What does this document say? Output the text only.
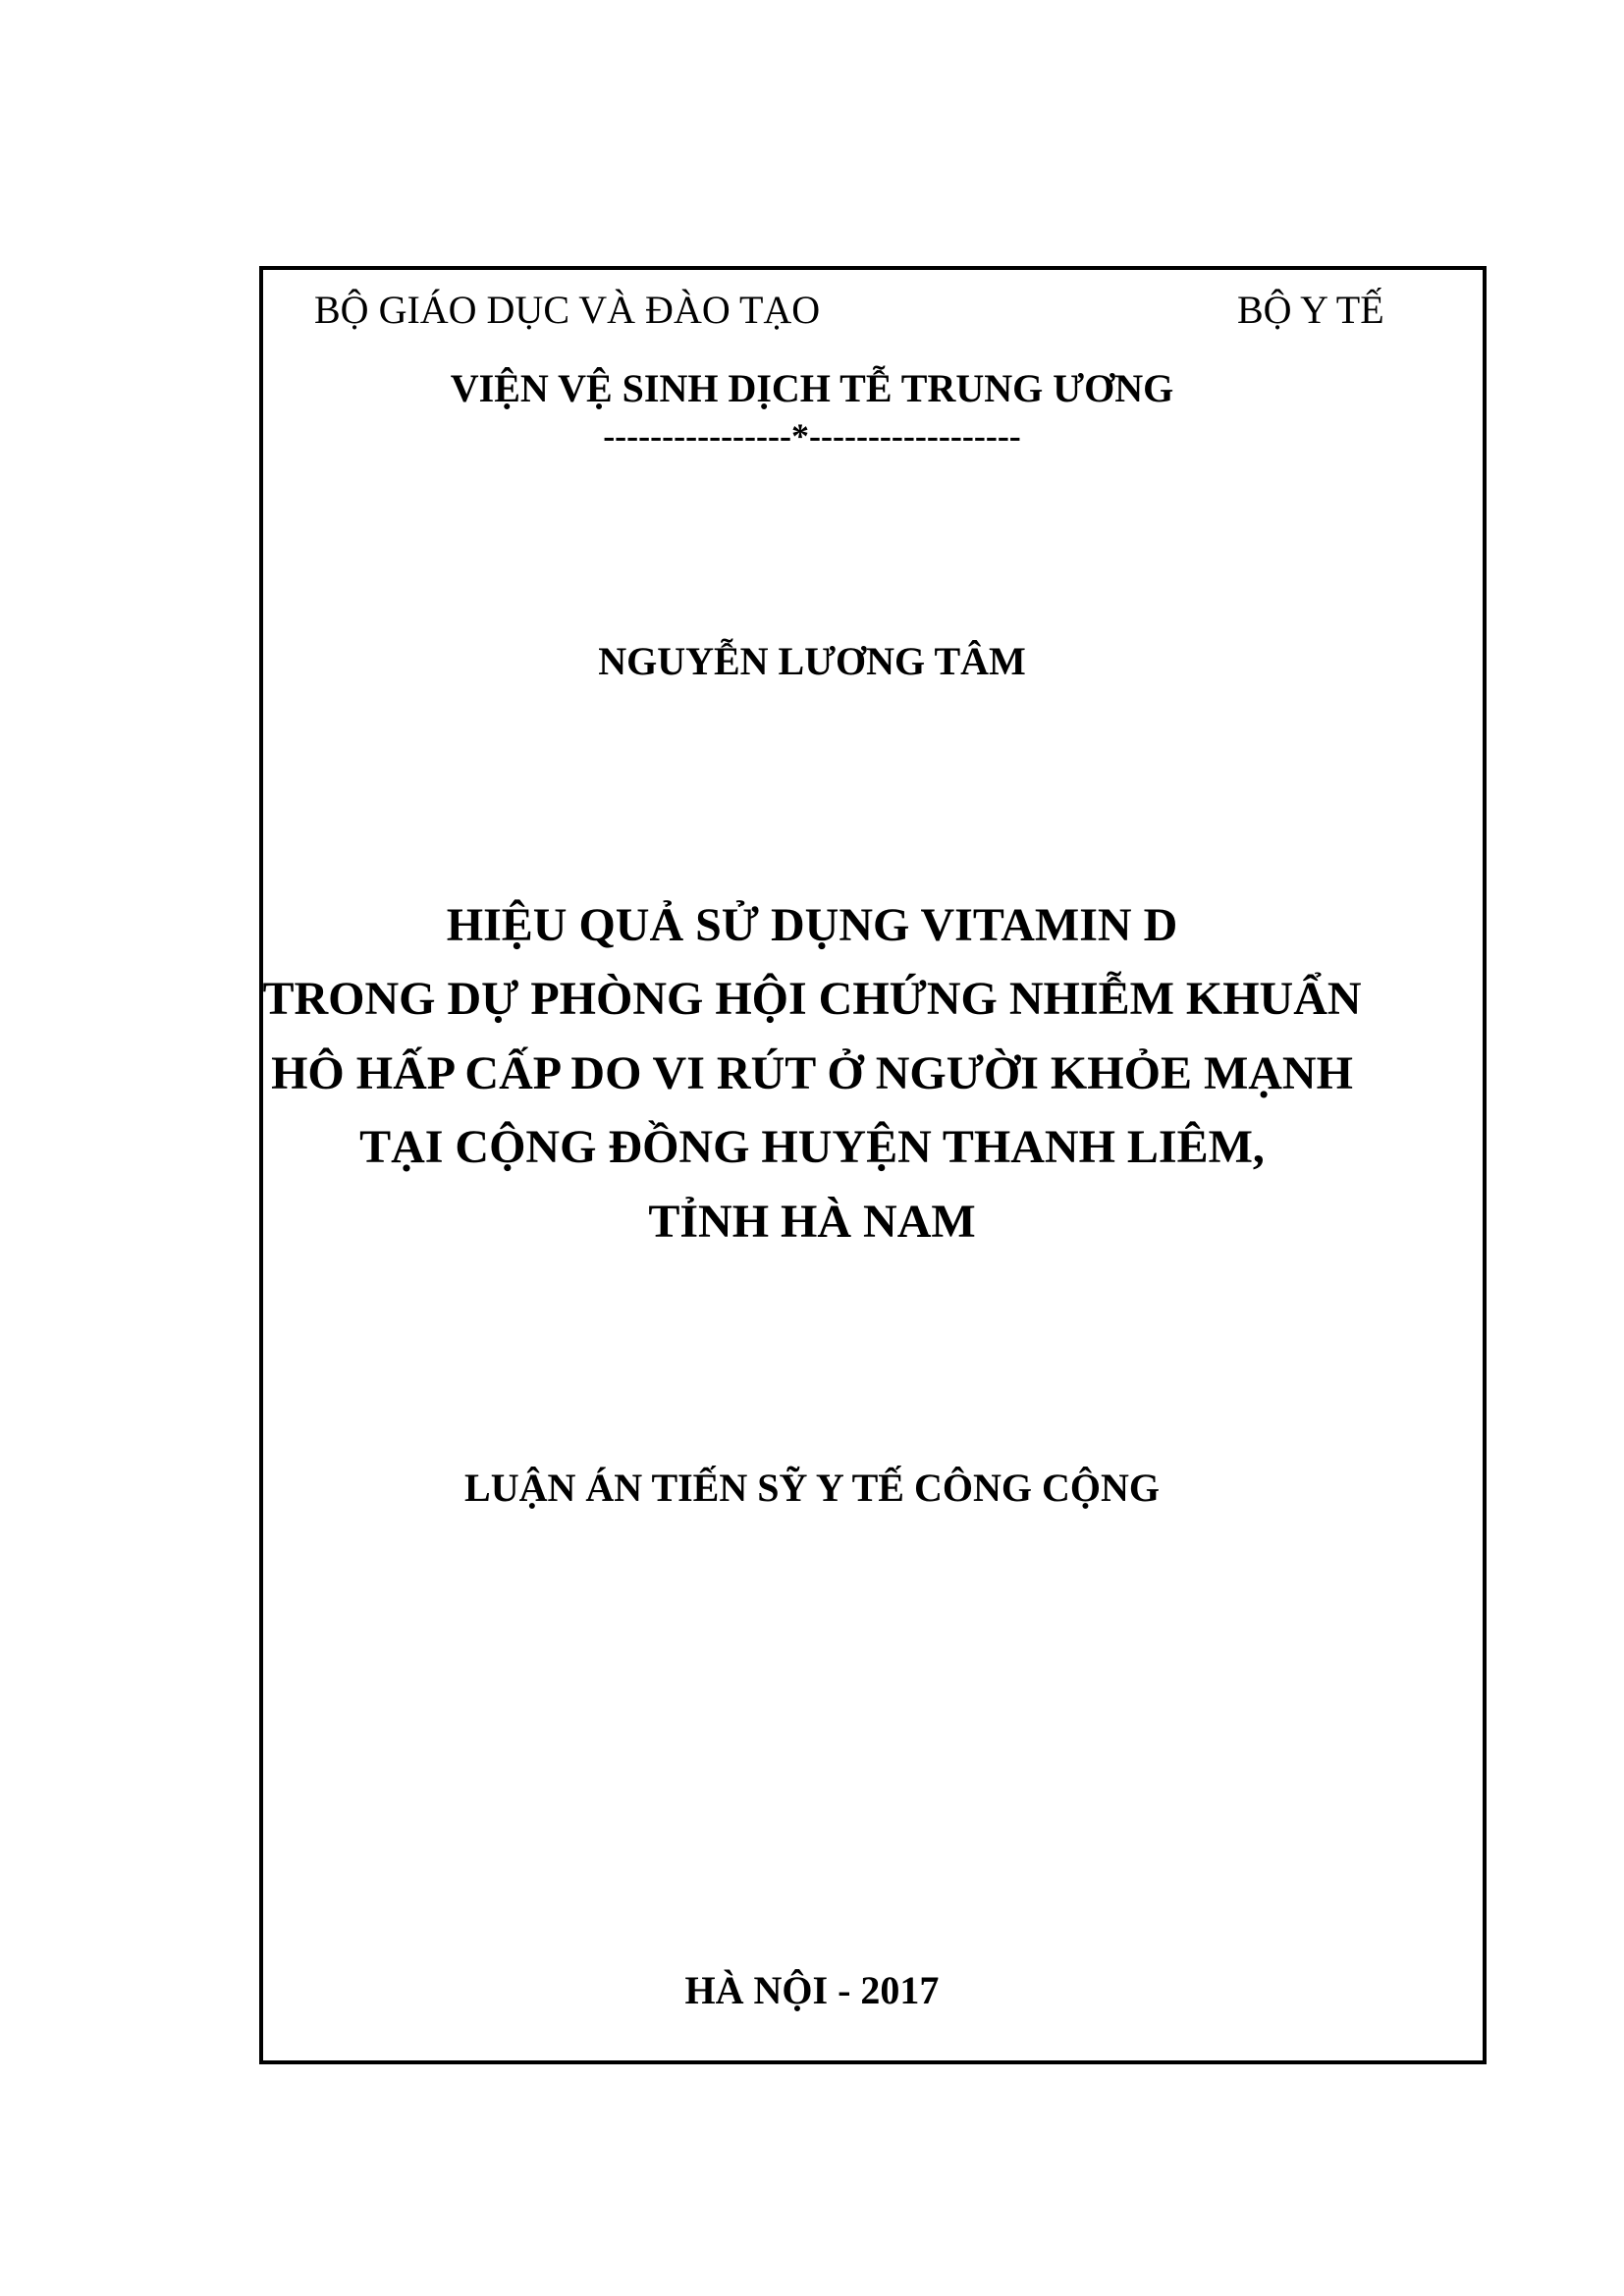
BỘ GIÁO DỤC VÀ ĐÀO TẠO	BỘ Y TẾ
VIỆN VỆ SINH DỊCH TỄ TRUNG ƯƠNG
----------------*------------------
NGUYỄN LƯƠNG TÂM
HIỆU QUẢ SỬ DỤNG VITAMIN D
TRONG DỰ PHÒNG HỘI CHỨNG NHIỄM KHUẨN
HÔ HẤP CẤP DO VI RÚT Ở NGƯỜI KHỎE MẠNH
TẠI CỘNG ĐỒNG HUYỆN THANH LIÊM,
TỈNH HÀ NAM
LUẬN ÁN TIẾN SỸ Y TẾ CÔNG CỘNG
HÀ NỘI - 2017
